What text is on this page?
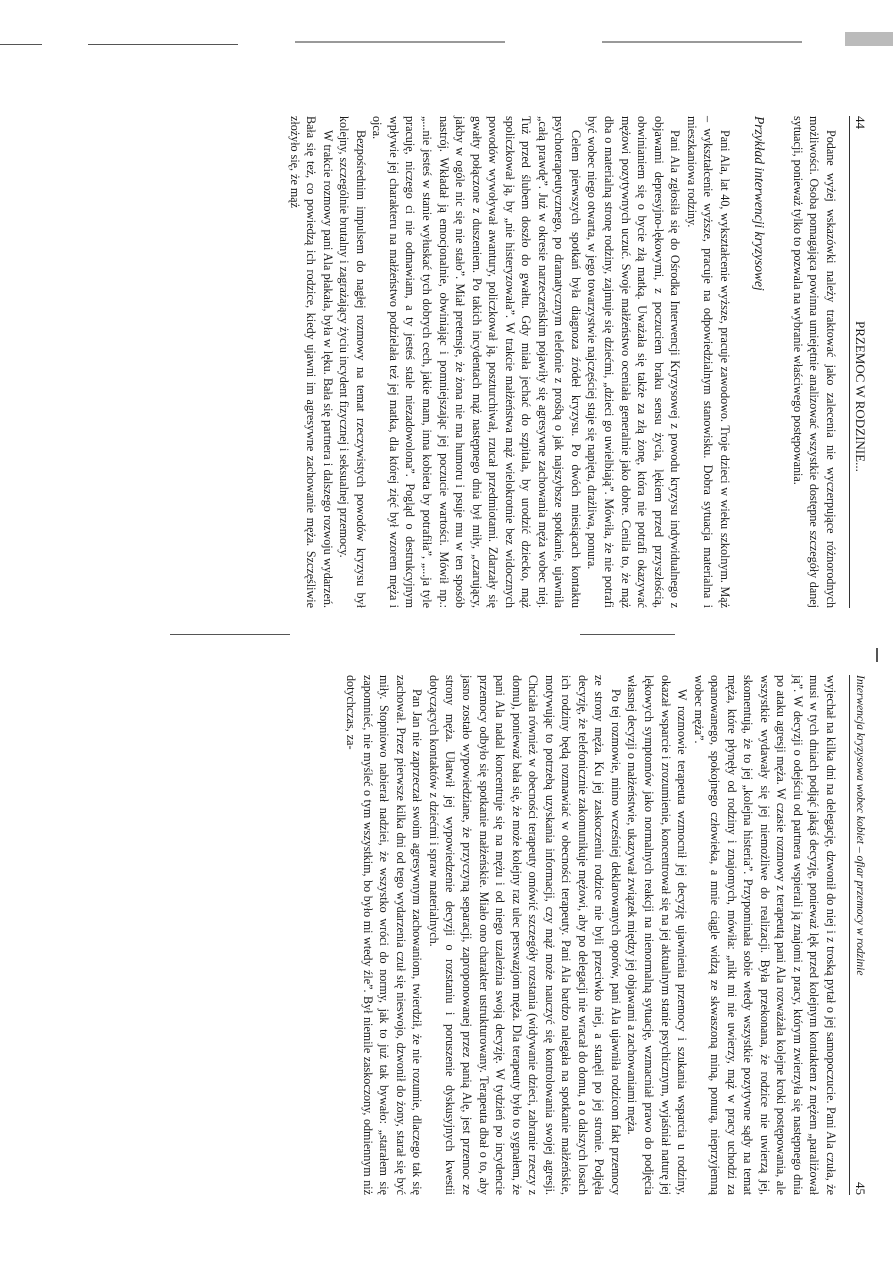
44
PRZEMOC W RODZINIE...

Podane wyżej wskazówki należy traktować jako zalecenia nie wyczerpujące różnorodnych możliwości. Osoba pomagająca powinna umiejętnie analizować wszystkie dostępne szczegóły danej sytuacji, ponieważ tylko to pozwala na wybranie właściwego postępowania.

Przykład interwencji kryzysowej

Pani Ala, lat 40, wykształcenie wyższe, pracuje zawodowo. Troje dzieci w wieku szkolnym. Mąż – wykształcenie wyższe, pracuje na odpowiedzialnym stanowisku. Dobra sytuacja materialna i mieszkaniowa rodziny.

Pani Ala zgłosiła się do Ośrodka Interwencji Kryzysowej z powodu kryzysu indywidualnego z objawami depresyjno-lękowymi, z poczuciem braku sensu życia, lękiem przed przyszłością, obwinianiem się o bycie złą matką. Uważała się także za złą żonę, która nie potrafi okazywać mężowi pozytywnych uczuć. Swoje małżeństwo oceniała generalnie jako dobre. Cenila to, że mąż dba o materialną stronę rodziny, zajmuje się dziećmi, „dzieci go uwielbiają”. Mówiła, że nie potrafi być wobec niego otwarta, w jego towarzystwie najczęściej staje się napięta, drażliwa, ponura.

Celem pierwszych spotkań była diagnoza źródeł kryzysu. Po dwóch miesiącach kontaktu psychoterapeutycznego, po dramatycznym telefonie z prośbą o jak najszybsze spotkanie, ujawniła „całą prawdę”. Już w okresie narzeczeńskim pojawiły się agresywne zachowania męża wobec niej. Tuż przed ślubem doszło do gwałtu. Gdy miała jechać do szpitala, by urodzić dziecko, mąż spoliczkował ją, by „nie histeryzowała”. W trakcie małżeństwa mąż wielokrotnie bez widocznych powodów wywoływał awantury, policzkował ją, poszturchiwał, rzucał przedmiotami. Zdarzały się gwałty połączone z duszeniem. Po takich incydentach mąż następnego dnia był miły, „czarujący, jakby w ogóle nic się nie stało”. Miał pretensje, że żona nie ma humoru i psuje mu w ten sposób nastrój. Wkładał ją emocjonalnie, obwiniając i pomniejszając jej poczucie wartości. Mówił np.: „...nie jesteś w stanie wyłuskać tych dobrych cech, jakie mam, inna kobieta by potrafiła”, „...ja tyle pracuję, niczego ci nie odmawiam, a ty jesteś stale niezadowolona”. Pogląd o destrukcyjnym wpływie jej charakteru na małżeństwo podzielała też jej matka, dla której zięć był wzorem męża i ojca.

Bezpośrednim impulsem do nagłej rozmowy na temat rzeczywistych powodów kryzysu był kolejny, szczególnie brutalny i zagrażający życiu incydent fizycznej i seksualnej przemocy.

W trakcie rozmowy pani Ala płakała, była w lęku. Bała się partnera i dalszego rozwoju wydarzeń. Bała się też, co powiedzą ich rodzice, kiedy ujawni im agresywne zachowanie męża. Szczęśliwie złożyło się, że mąż

Interwencja kryzysowa wobec kobiet – ofiar przemocy w rodzinie
45

wyjechał na kilka dni na delegację, dzwonił do niej i z troską pytał o jej samopoczucie. Pani Ala czuła, że musi w tych dniach podjąć jakąś decyzję, ponieważ lęk przed kolejnym kontaktem z mężem „paraliżował ją”. W decyzji o odejściu od partnera wspierali ją znajomi z pracy, którym zwierzyła się następnego dnia po ataku agresji męża. W czasie rozmowy z terapeutą pani Ala rozważała kolejne kroki postępowania, ale wszystkie wydawały się jej niemożliwe do realizacji. Była przekonana, że rodzice nie uwierzą jej, skomentują, że to jej „kolejna histeria”. Przypominała sobie wtedy wszystkie pozytywne sądy na temat męża, które płynęły od rodziny i znajomych, mówiła: „nikt mi nie uwierzy, mąż w pracy uchodzi za opanowanego, spokojnego człowieka, a mnie ciągle widzą ze skwaszoną miną, ponurą, nieprzyjemną wobec męża”.

W rozmowie terapeuta wzmocnił jej decyzję ujawnienia przemocy i szukania wsparcia u rodziny, okazał wsparcie i zrozumienie, koncentrował się na jej aktualnym stanie psychicznym, wyjaśniał naturę jej lękowych symptomów jako normalnych reakcji na nienormalną sytuację, wzmacniał prawo do podjęcia własnej decyzji o małżeństwie, ukazywał związek między jej objawami a zachowaniami męża.

Po tej rozmowie, mimo wcześniej deklarowanych oporów, pani Ala ujawniła rodzicom fakt przemocy ze strony męża. Ku jej zaskoczeniu rodzice nie byli przeciwko niej, a stanęli po jej stronie. Podjęła decyzję, że telefonicznie zakomunikuje mężowi, aby po delegacji nie wracał do domu, a o dalszych losach ich rodziny będą rozmawiać w obecności terapeuty. Pani Ala bardzo nalegała na spotkanie małżeńskie, motywując to potrzebą uzyskania informacji, czy mąż może nauczyć się kontrolowania swojej agresji. Chciała również w obecności terapeuty omówić szczegóły rozstania (widywanie dzieci, zabranie rzeczy z domu), ponieważ bała się, że może kolejny raz ulec perswazjom męża. Dla terapeuty było to sygnałem, że pani Ala nadal koncentruje się na mężu i od niego uzależnia swoją decyzję. W tydzień po incydencie przemocy odbyło się spotkanie małżeńskie. Miało ono charakter ustrukturowany. Terapeuta dbał o to, aby jasno zostało wypowiedziane, że przyczyną separacji, zaproponowanej przez panią Alę, jest przemoc ze strony męża. Ułatwił jej wypowiedzenie decyzji o rozstaniu i poruszenie dyskusyjnych kwestii dotyczących kontaktów z dziećmi i spraw materialnych.

Pan Jan nie zaprzeczał swoim agresywnym zachowaniom, twierdził, że nie rozumie, dlaczego tak się zachował. Przez pierwsze kilka dni od tego wydarzenia czuł się nieswojo, dzwonił do żony, starał się być miły. Stopniowo nabierał nadziei, że wszystko wróci do normy, jak to już tak bywało: „starałem się zapomnieć, nie myśleć o tym wszystkim, bo było mi wtedy źle”. Był niemile zaskoczony, odmiennym niż dotychczas, za-
